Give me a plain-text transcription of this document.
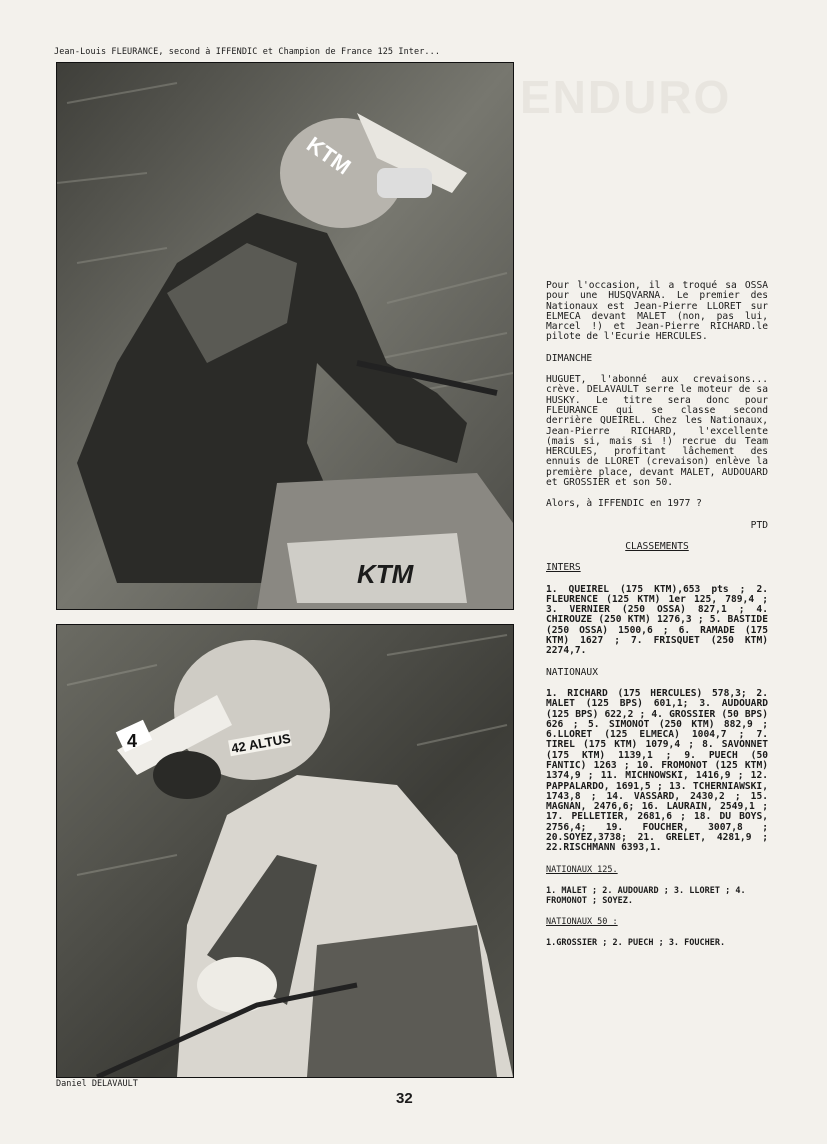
Jean-Louis FLEURANCE, second à IFFENDIC et Champion de France 125 Inter...
ENDURO
KTM
KTM
4	42 ALTUS
Daniel DELAVAULT
32

Pour l'occasion, il a troqué sa OSSA pour une HUSQVARNA. Le premier des Nationaux est Jean-Pierre LLORET sur ELMECA devant MALET (non, pas lui, Marcel !) et Jean-Pierre RICHARD.le pilote de l'Ecurie HERCULES.

DIMANCHE

HUGUET, l'abonné aux crevaisons... crève. DELAVAULT serre le moteur de sa HUSKY. Le titre sera donc pour FLEURANCE qui se classe second derrière QUEIREL. Chez les Nationaux, Jean-Pierre RICHARD, l'excellente (mais si, mais si !) recrue du Team HERCULES, profitant lâchement des ennuis de LLORET (crevaison) enlève la première place, devant MALET, AUDOUARD et GROSSIER et son 50.

Alors, à IFFENDIC en 1977 ?

PTD

CLASSEMENTS

INTERS

1. QUEIREL (175 KTM),653 pts ; 2. FLEURENCE (125 KTM) 1er 125, 789,4 ; 3. VERNIER (250 OSSA) 827,1 ; 4. CHIROUZE (250 KTM) 1276,3 ; 5. BASTIDE (250 OSSA) 1500,6 ; 6. RAMADE (175 KTM) 1627 ; 7. FRISQUET (250 KTM) 2274,7.

NATIONAUX

1. RICHARD (175 HERCULES) 578,3; 2. MALET (125 BPS) 601,1; 3. AUDOUARD (125 BPS) 622,2 ; 4. GROSSIER (50 BPS) 626 ; 5. SIMONOT (250 KTM) 882,9 ; 6.LLORET (125 ELMECA) 1004,7 ; 7. TIREL (175 KTM) 1079,4 ; 8. SAVONNET (175 KTM) 1139,1 ; 9. PUECH (50 FANTIC) 1263 ; 10. FROMONOT (125 KTM) 1374,9 ; 11. MICHNOWSKI, 1416,9 ; 12. PAPPALARDO, 1691,5 ; 13. TCHERNIAWSKI, 1743,8 ; 14. VASSARD, 2430,2 ; 15. MAGNAN, 2476,6; 16. LAURAIN, 2549,1 ; 17. PELLETIER, 2681,6 ; 18. DU BOYS, 2756,4; 19. FOUCHER, 3007,8 ; 20.SOYEZ,3738; 21. GRELET, 4281,9 ; 22.RISCHMANN 6393,1.

NATIONAUX 125.

1. MALET ; 2. AUDOUARD ; 3. LLORET ; 4. FROMONOT ; SOYEZ.

NATIONAUX 50 :

1.GROSSIER ; 2. PUECH ; 3. FOUCHER.
